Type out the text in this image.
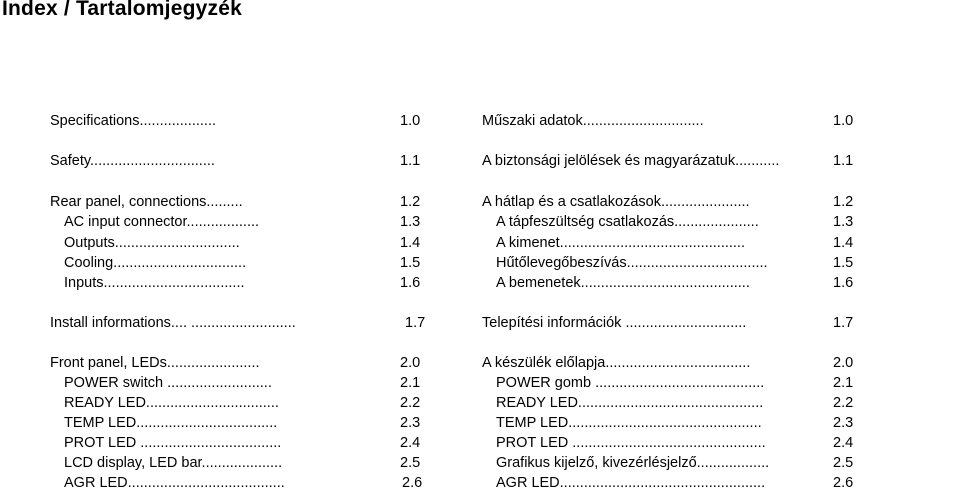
Index / Tartalomjegyzék
Specifications...................	1.0
Safety...............................	1.1
Rear panel, connections.........	1.2
AC input connector..................	1.3
Outputs...............................	1.4
Cooling.................................	1.5
Inputs...................................	1.6
Install informations.... ..........................	1.7
Front panel, LEDs.......................	2.0
POWER switch ..........................	2.1
READY LED.................................	2.2
TEMP LED...................................	2.3
PROT LED ...................................	2.4
LCD display, LED bar....................	2.5
AGR LED.......................................	2.6
Műszaki adatok..............................	1.0
A biztonsági jelölések és magyarázatuk...........	1.1
A hátlap és a csatlakozások......................	1.2
A tápfeszültség csatlakozás.....................	1.3
A kimenet..............................................	1.4
Hűtőlevegőbeszívás...................................	1.5
A bemenetek..........................................	1.6
Telepítési információk ..............................	1.7
A készülék előlapja....................................	2.0
POWER gomb ..........................................	2.1
READY LED..............................................	2.2
TEMP LED................................................	2.3
PROT LED ................................................	2.4
Grafikus kijelző, kivezérlésjelző..................	2.5
AGR LED...................................................	2.6
